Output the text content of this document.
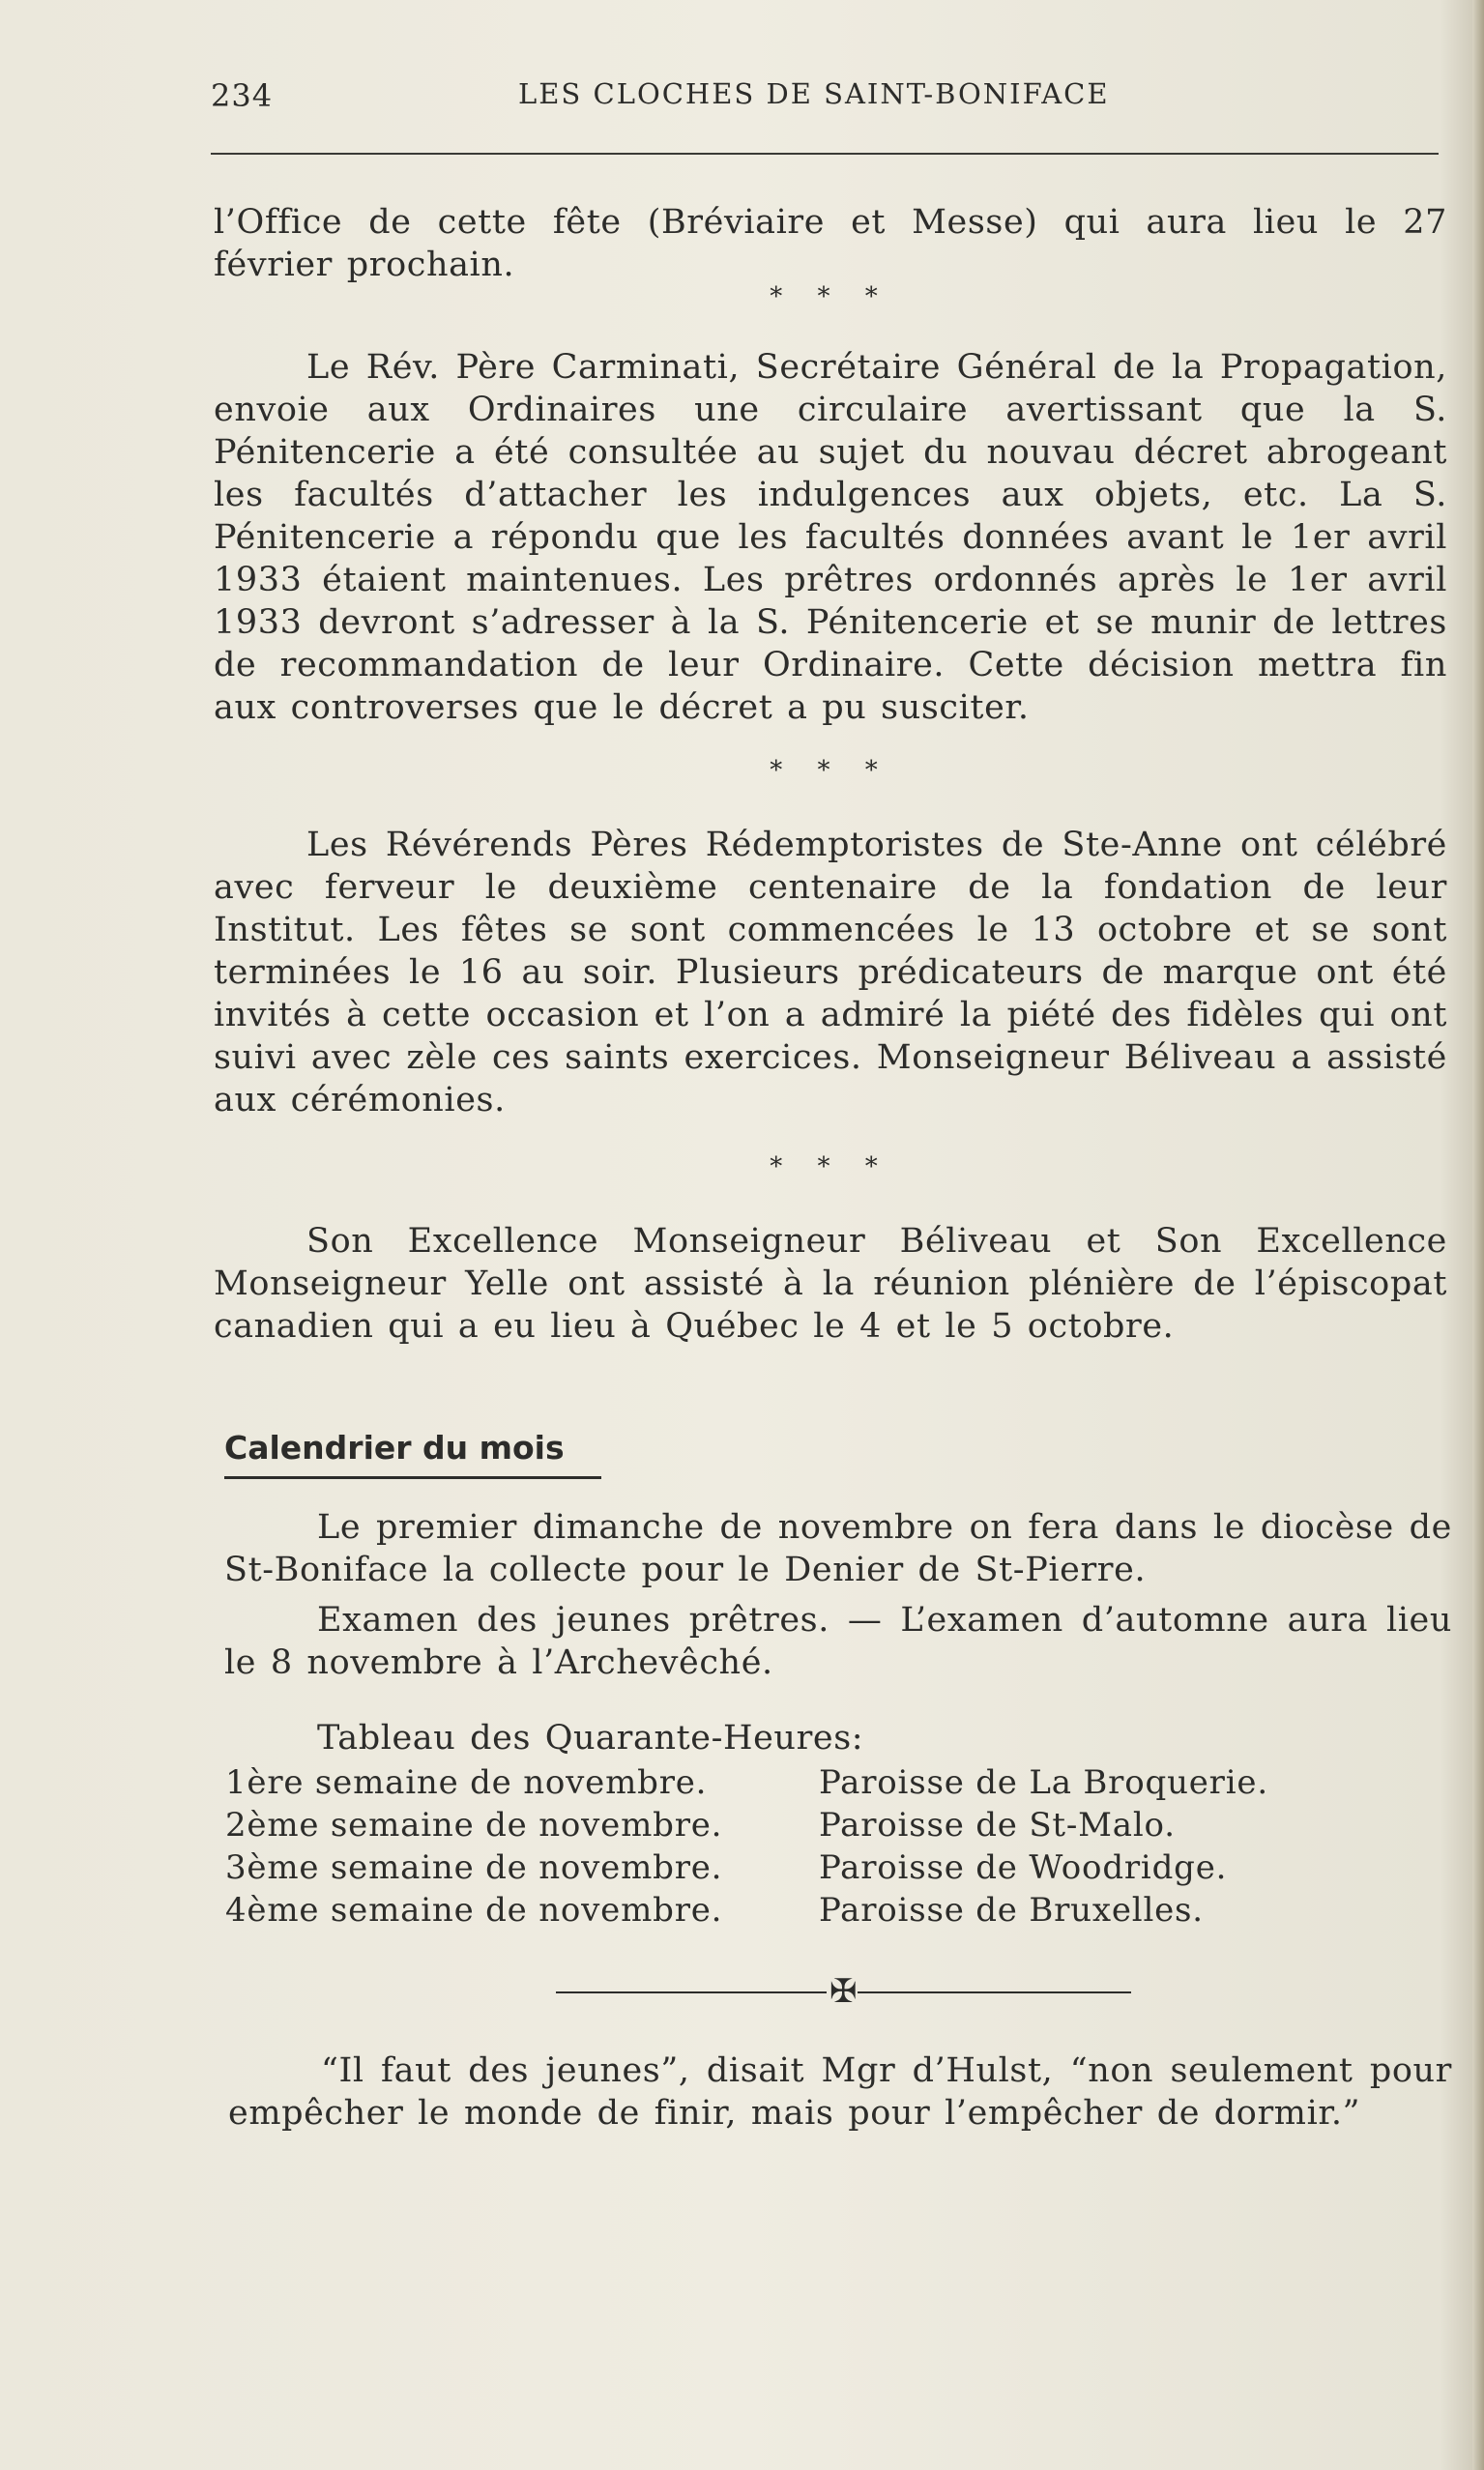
234	LES CLOCHES DE SAINT-BONIFACE

l’Office de cette fête (Bréviaire et Messe) qui aura lieu le 27 février prochain.

* * *

Le Rév. Père Carminati, Secrétaire Général de la Propagation, envoie aux Ordinaires une circulaire avertissant que la S. Pénitencerie a été consultée au sujet du nouvau décret abrogeant les facultés d’attacher les indulgences aux objets, etc. La S. Pénitencerie a répondu que les facultés données avant le 1er avril 1933 étaient maintenues. Les prêtres ordonnés après le 1er avril 1933 devront s’adresser à la S. Pénitencerie et se munir de lettres de recommandation de leur Ordinaire. Cette décision mettra fin aux controverses que le décret a pu susciter.

* * *

Les Révérends Pères Rédemptoristes de Ste-Anne ont célébré avec ferveur le deuxième centenaire de la fondation de leur Institut. Les fêtes se sont commencées le 13 octobre et se sont terminées le 16 au soir. Plusieurs prédicateurs de marque ont été invités à cette occasion et l’on a admiré la piété des fidèles qui ont suivi avec zèle ces saints exercices. Monseigneur Béliveau a assisté aux cérémonies.

* * *

Son Excellence Monseigneur Béliveau et Son Excellence Monseigneur Yelle ont assisté à la réunion plénière de l’épiscopat canadien qui a eu lieu à Québec le 4 et le 5 octobre.

Calendrier du mois

Le premier dimanche de novembre on fera dans le diocèse de St-Boniface la collecte pour le Denier de St-Pierre.

Examen des jeunes prêtres. — L’examen d’automne aura lieu le 8 novembre à l’Archevêché.

Tableau des Quarante-Heures:

1ère semaine de novembre.	Paroisse de La Broquerie.
2ème semaine de novembre.	Paroisse de St-Malo.
3ème semaine de novembre.	Paroisse de Woodridge.
4ème semaine de novembre.	Paroisse de Bruxelles.
✠

“Il faut des jeunes”, disait Mgr d’Hulst, “non seulement pour empêcher le monde de finir, mais pour l’empêcher de dormir.”
